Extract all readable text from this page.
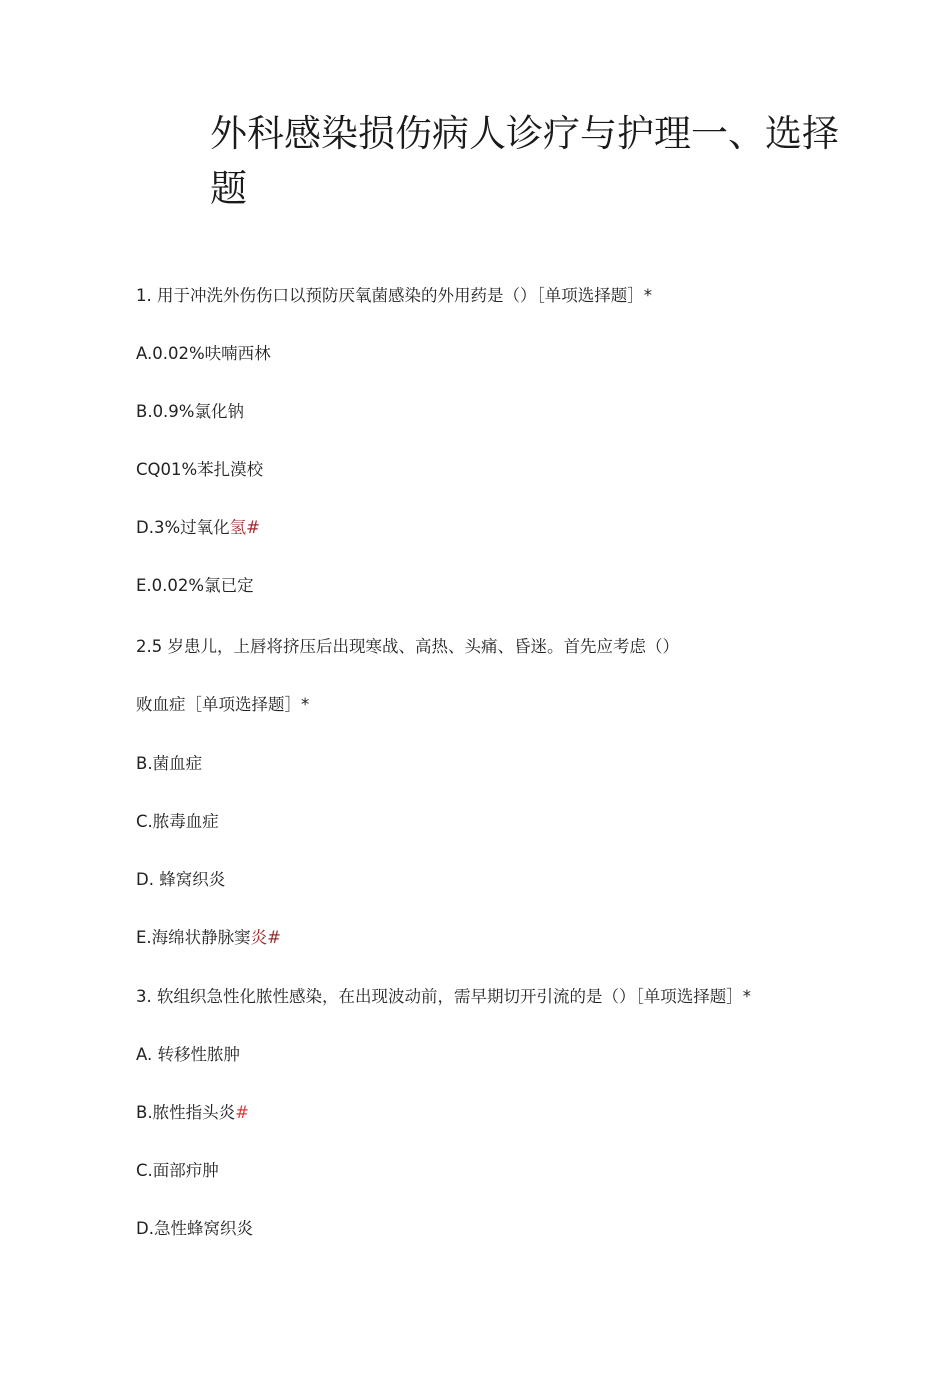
外科感染损伤病人诊疗与护理一、选择题

1. 用于冲洗外伤伤口以预防厌氧菌感染的外用药是（）［单项选择题］*

A.0.02%呋喃西林

B.0.9%氯化钠

CQ01%苯扎漠校

D.3%过氧化氢#

E.0.02%氯已定

2.5 岁患儿，上唇将挤压后出现寒战、高热、头痛、昏迷。首先应考虑（）

败血症［单项选择题］*

B.菌血症

C.脓毒血症

D. 蜂窝织炎

E.海绵状静脉窦炎#

3. 软组织急性化脓性感染，在出现波动前，需早期切开引流的是（）［单项选择题］*

A. 转移性脓肿

B.脓性指头炎#

C.面部疖肿

D.急性蜂窝织炎
